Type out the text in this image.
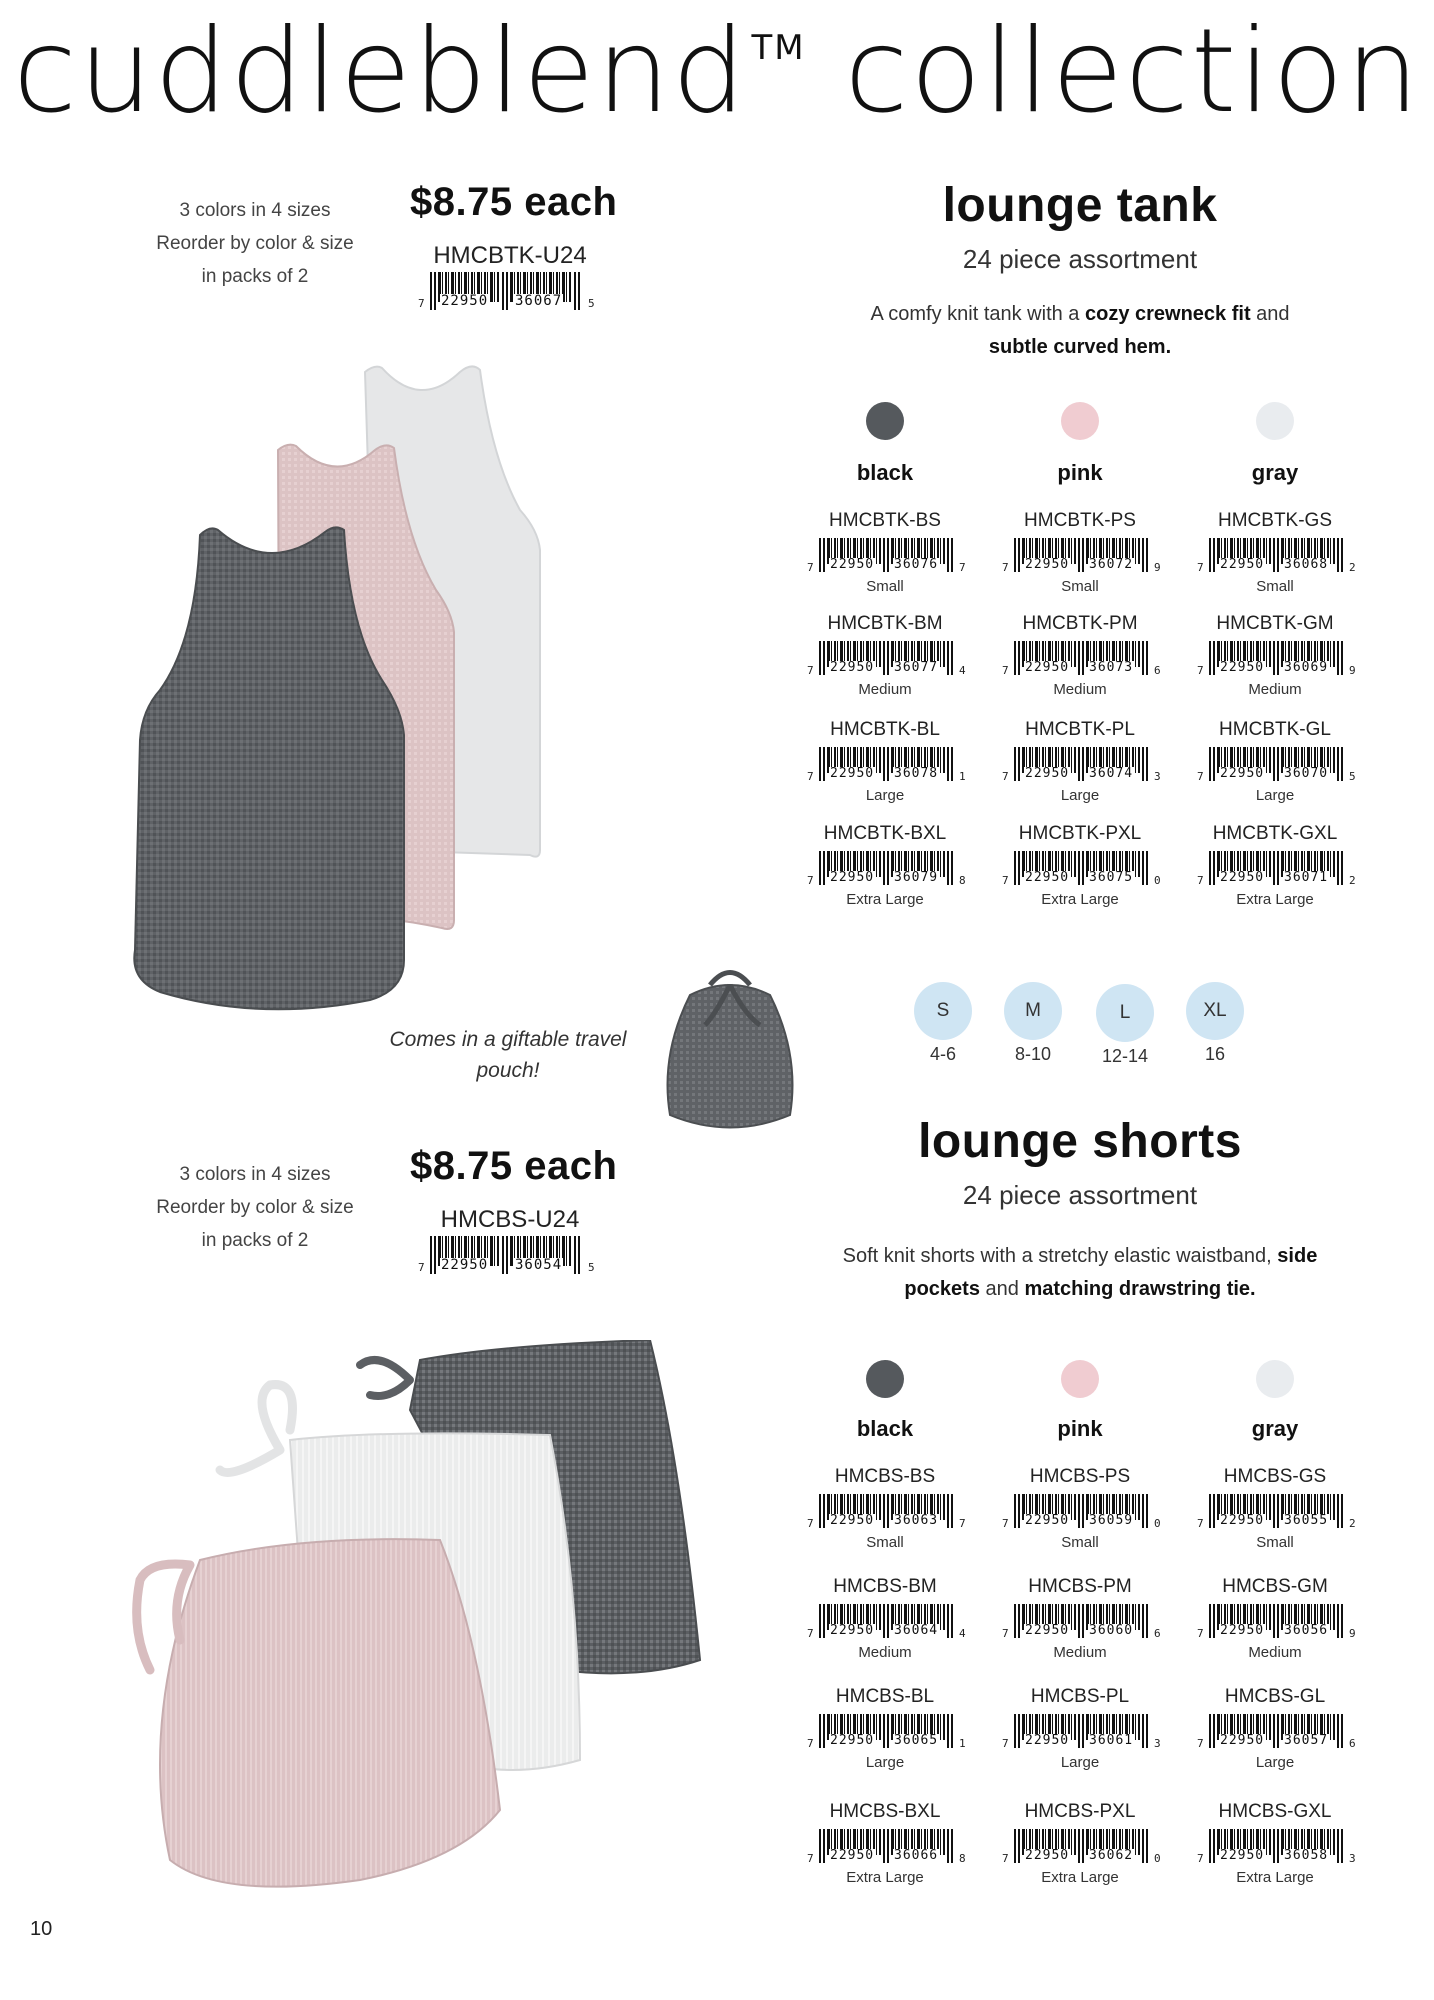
cuddleblend ™ collection
3 colors in 4 sizes
Reorder by color & size
in packs of 2
$8.75 each
HMCBTK-U24
7	5
22950 36067
Comes in a giftable travel pouch!
lounge tank
24 piece assortment
A comfy knit tank with a cozy crewneck fit and
subtle curved hem.
black	pink	gray
HMCBTK-BS
7	7
22950 36076
Small
HMCBTK-PS
7	9
22950 36072
Small
HMCBTK-GS
7	2
22950 36068
Small
HMCBTK-BM
7	4
22950 36077
Medium
HMCBTK-PM
7	6
22950 36073
Medium
HMCBTK-GM
7	9
22950 36069
Medium
HMCBTK-BL
7	1
22950 36078
Large
HMCBTK-PL
7	3
22950 36074
Large
HMCBTK-GL
7	5
22950 36070
Large
HMCBTK-BXL
7	8
22950 36079
Extra Large
HMCBTK-PXL
7	0
22950 36075
Extra Large
HMCBTK-GXL
7	2
22950 36071
Extra Large
S	M	L	XL
4-6	8-10	12-14	16
3 colors in 4 sizes
Reorder by color & size
in packs of 2
$8.75 each
HMCBS-U24
7	5
22950 36054
lounge shorts
24 piece assortment
Soft knit shorts with a stretchy elastic waistband, side
pockets and matching drawstring tie.
black	pink	gray
HMCBS-BS
7	7
22950 36063
Small
HMCBS-PS
7	0
22950 36059
Small
HMCBS-GS
7	2
22950 36055
Small
HMCBS-BM
7	4
22950 36064
Medium
HMCBS-PM
7	6
22950 36060
Medium
HMCBS-GM
7	9
22950 36056
Medium
HMCBS-BL
7	1
22950 36065
Large
HMCBS-PL
7	3
22950 36061
Large
HMCBS-GL
7	6
22950 36057
Large
HMCBS-BXL
7	8
22950 36066
Extra Large
HMCBS-PXL
7	0
22950 36062
Extra Large
HMCBS-GXL
7	3
22950 36058
Extra Large
10
